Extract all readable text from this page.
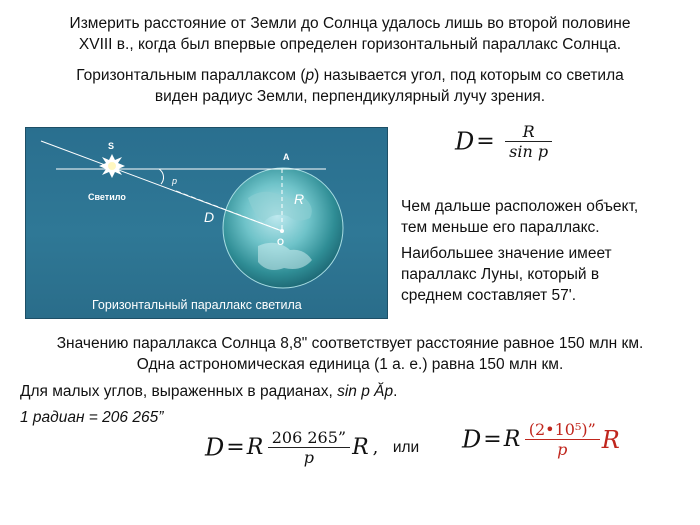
Измерить расстояние от Земли до Солнца удалось лишь во второй половине
XVIII в., когда был впервые определен горизонтальный параллакс Солнца.
Горизонтальным параллаксом (p) называется угол, под которым со светила
виден радиус Земли, перпендикулярный лучу зрения.
S
Светило
p
A
O
D
R
Горизонтальный параллакс светила
$D= \frac{R}{\text{sin p}}$
Чем дальше расположен объект,
тем меньше его параллакс.
Наибольшее значение имеет
параллакс Луны, который в
среднем составляет 57'.
Значению параллакса Солнца 8,8" соответствует расстояние равное 150 млн км.
Одна астрономическая единица (1 а. е.) равна 150 млн км.
Для малых углов, выраженных в радианах, sin p Ăp.
1 радиан = 206 265”
$D=R \frac{206 265”}{p}$ R , или $D=R \frac{\text{(2•10⁵)”}}{p}$ R
